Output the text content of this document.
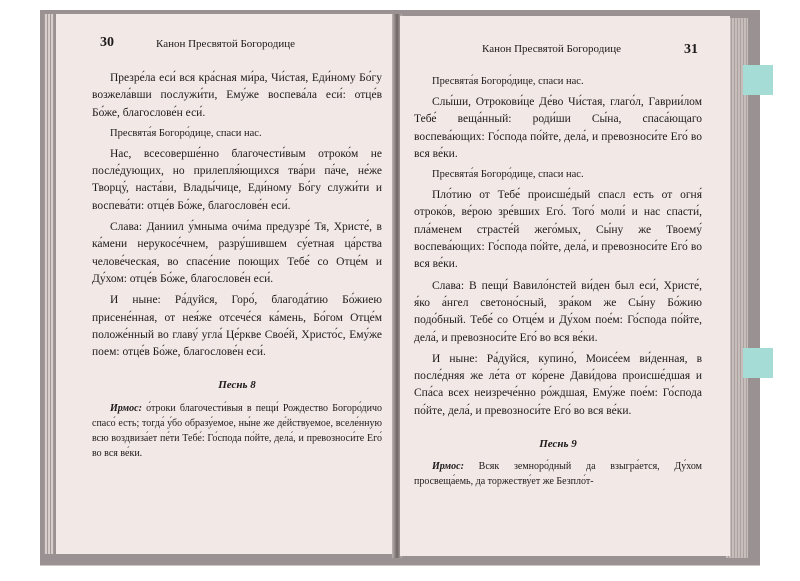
30	Канон Пресвятой Богородице

Презре́ла еси́ вся кра́сная ми́ра, Чи́стая, Еди́ному Бо́гу возжела́вши послужи́ти, Ему́же воспева́ла еси́: отце́в Бо́же, благослове́н еси́.

Пресвята́я Богоро́дице, спаси нас.

Нас, всесоверше́нно благочести́вым отроко́м не после́дующих, но прилепля́ющихся тва́ри па́че, не́же Творцу́, наста́ви, Влады́чице, Еди́ному Бо́гу служи́ти и воспева́ти: отце́в Бо́же, благослове́н еси́.

Слава: Даниил у́мныма очи́ма предузре́ Тя, Христе́, в ка́мени нерукосе́чнем, разру́шившем су́етная ца́рства челове́ческая, во спасе́ние поющих Тебе́ со Отце́м и Ду́хом: отце́в Бо́же, благослове́н еси́.

И ныне: Ра́дуйся, Горо́, благода́тию Бо́жиею присене́нная, от нея́же отсече́ся ка́мень, Бо́гом Отце́м положе́нный во главу́ угла́ Це́ркве Свое́й, Христо́с, Ему́же поем: отце́в Бо́же, благослове́н еси́.

Песнь 8

Ирмос: о́троки благочести́выя в пещи́ Рождество Богоро́дичо спасо́ есть; тогда́ у́бо образу́емое, ны́не же де́йствуемое, вселе́нную всю воздвиза́ет пе́ти Тебе́: Го́спода по́йте, дела́, и превозноси́те Его́ во вся ве́ки.

Канон Пресвятой Богородице	31

Пресвята́я Богоро́дице, спаси нас.

Слы́ши, Отрокови́це Де́во Чи́стая, глаго́л, Гаврии́лом Тебе́ веща́нный: роди́ши Сы́на, спаса́ющаго воспева́ющих: Го́спода по́йте, дела́, и превозноси́те Его́ во вся ве́ки.

Пресвята́я Богоро́дице, спаси нас.

Пло́тию от Тебе́ происше́дый спасл есть от огня́ отроко́в, ве́рою зре́вших Его́. Того́ моли́ и нас спасти́, пла́менем страсте́й жего́мых, Сы́ну же Твоему́ воспева́ющих: Го́спода по́йте, дела́, и превозноси́те Его́ во вся ве́ки.

Слава: В пещи́ Вавило́нстей ви́ден был еси́, Христе́, я́ко а́нгел светоно́сный, зра́ком же Сы́ну Бо́жию подо́бный. Тебе́ со Отце́м и Ду́хом пое́м: Го́спода по́йте, дела́, и превозноси́те Его́ во вся ве́ки.

И ныне: Ра́дуйся, купино́, Моисе́ем ви́денная, в после́дняя же ле́та от ко́рене Дави́дова происше́дшая и Спа́са всех неизрече́нно ро́ждшая, Ему́же пое́м: Го́спода по́йте, дела́, и превозноси́те Его́ во вся ве́ки.

Песнь 9

Ирмос: Всяк земноро́дный да взыгра́ется, Ду́хом просвеща́емь, да торжеству́ет же Безпло́т-
